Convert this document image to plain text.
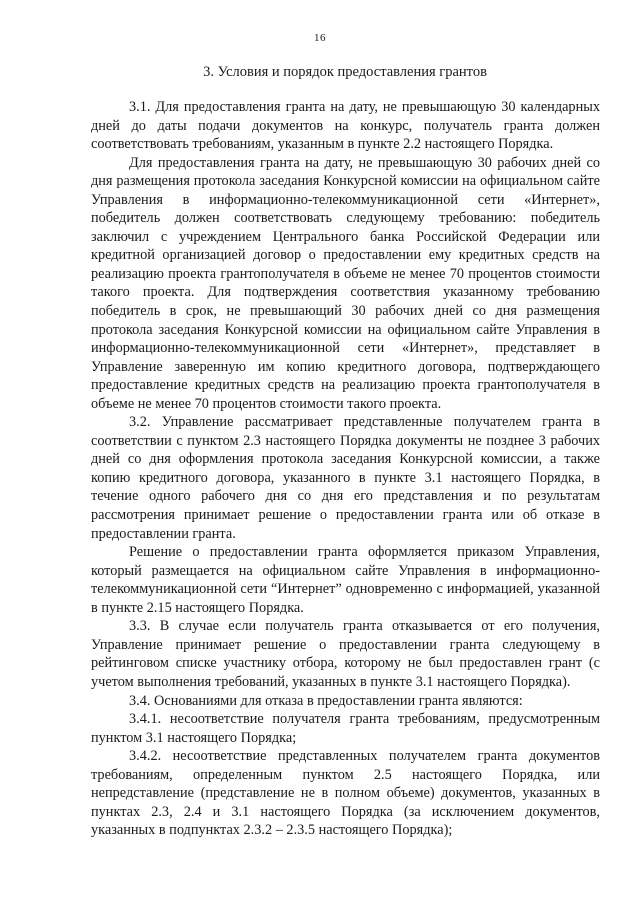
16
3. Условия и порядок предоставления грантов

3.1. Для предоставления гранта на дату, не превышающую 30 календарных дней до даты подачи документов на конкурс, получатель гранта должен соответствовать требованиям, указанным в пункте 2.2 настоящего Порядка.

Для предоставления гранта на дату, не превышающую 30 рабочих дней со дня размещения протокола заседания Конкурсной комиссии на официальном сайте Управления в информационно-телекоммуникационной сети «Интернет», победитель должен соответствовать следующему требованию: победитель заключил с учреждением Центрального банка Российской Федерации или кредитной организацией договор о предоставлении ему кредитных средств на реализацию проекта грантополучателя в объеме не менее 70 процентов стоимости такого проекта. Для подтверждения соответствия указанному требованию победитель в срок, не превышающий 30 рабочих дней со дня размещения протокола заседания Конкурсной комиссии на официальном сайте Управления в информационно-телекоммуникационной сети «Интернет», представляет в Управление заверенную им копию кредитного договора, подтверждающего предоставление кредитных средств на реализацию проекта грантополучателя в объеме не менее 70 процентов стоимости такого проекта.

3.2. Управление рассматривает представленные получателем гранта в соответствии с пунктом 2.3 настоящего Порядка документы не позднее 3 рабочих дней со дня оформления протокола заседания Конкурсной комиссии, а также копию кредитного договора, указанного в пункте 3.1 настоящего Порядка, в течение одного рабочего дня со дня его представления и по результатам рассмотрения принимает решение о предоставлении гранта или об отказе в предоставлении гранта.

Решение о предоставлении гранта оформляется приказом Управления, который размещается на официальном сайте Управления в информационно-телекоммуникационной сети “Интернет” одновременно с информацией, указанной в пункте 2.15 настоящего Порядка.

3.3. В случае если получатель гранта отказывается от его получения, Управление принимает решение о предоставлении гранта следующему в рейтинговом списке участнику отбора, которому не был предоставлен грант (с учетом выполнения требований, указанных в пункте 3.1 настоящего Порядка).

3.4. Основаниями для отказа в предоставлении гранта являются:

3.4.1. несоответствие получателя гранта требованиям, предусмотренным пунктом 3.1 настоящего Порядка;

3.4.2. несоответствие представленных получателем гранта документов требованиям, определенным пунктом 2.5 настоящего Порядка, или непредставление (представление не в полном объеме) документов, указанных в пунктах 2.3, 2.4 и 3.1 настоящего Порядка (за исключением документов, указанных в подпунктах 2.3.2 – 2.3.5 настоящего Порядка);
